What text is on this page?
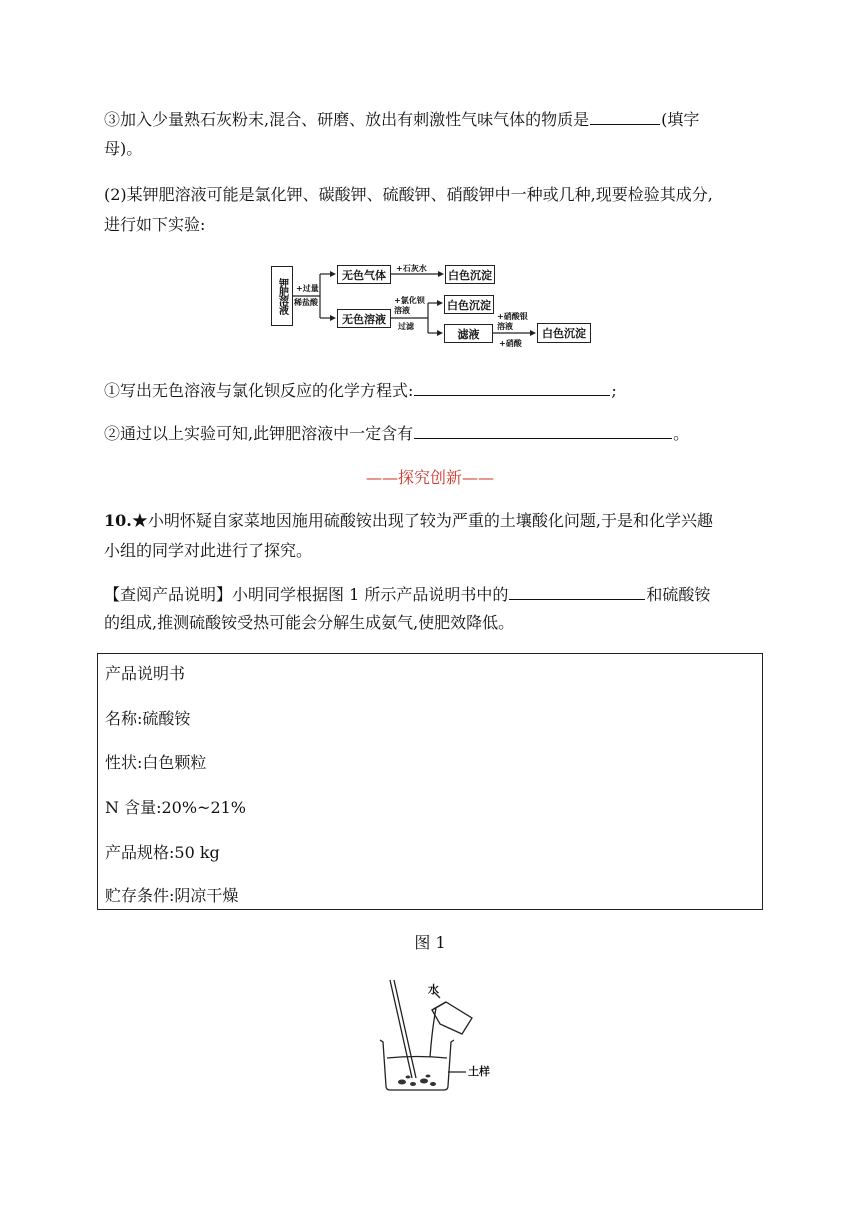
③加入少量熟石灰粉末,混合、研磨、放出有刺激性气味气体的物质是	(填字
母)。
(2)某钾肥溶液可能是氯化钾、碳酸钾、硫酸钾、硝酸钾中一种或几种,现要检验其成分,
进行如下实验:
钾肥溶液 +过量
稀盐酸
无色气体	+石灰水 白色沉淀
无色溶液
+氯化钡
溶液
过滤
白色沉淀
滤液
+硝酸银
溶液
+硝酸
白色沉淀
①写出无色溶液与氯化钡反应的化学方程式:	;
②通过以上实验可知,此钾肥溶液中一定含有	。
——探究创新——
10.★小明怀疑自家菜地因施用硫酸铵出现了较为严重的土壤酸化问题,于是和化学兴趣
小组的同学对此进行了探究。
【查阅产品说明】小明同学根据图 1 所示产品说明书中的	和硫酸铵
的组成,推测硫酸铵受热可能会分解生成氨气,使肥效降低。
产品说明书
名称:硫酸铵
性状:白色颗粒
N 含量:20%~21%
产品规格:50 kg
贮存条件:阴凉干燥
图 1
水
土样
